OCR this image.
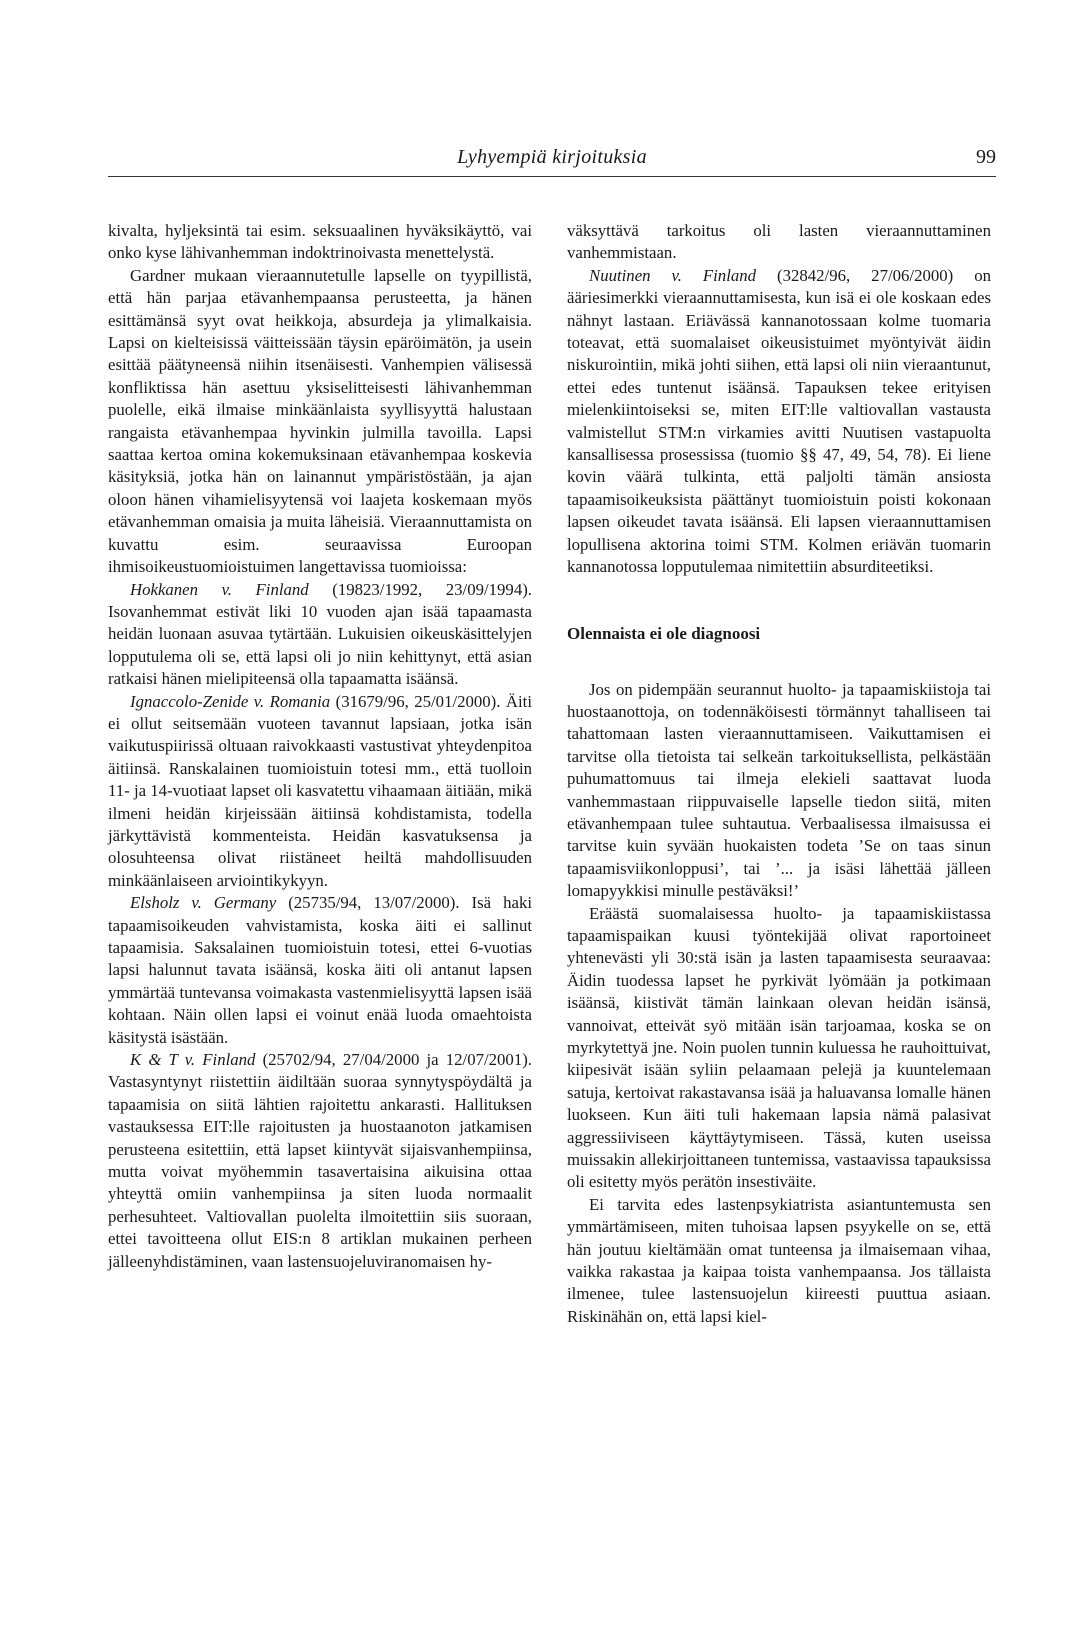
Lyhyempiä kirjoituksia	99

kivalta, hyljeksintä tai esim. seksuaalinen hyväksikäyttö, vai onko kyse lähivanhemman indoktrinoivasta menettelystä.

Gardner mukaan vieraannutetulle lapselle on tyypillistä, että hän parjaa etävanhempaansa perusteetta, ja hänen esittämänsä syyt ovat heikkoja, absurdeja ja ylimalkaisia. Lapsi on kielteisissä väitteissään täysin epäröimätön, ja usein esittää päätyneensä niihin itsenäisesti. Vanhempien välisessä konfliktissa hän asettuu yksiselitteisesti lähivanhemman puolelle, eikä ilmaise minkäänlaista syyllisyyttä halustaan rangaista etävanhempaa hyvinkin julmilla tavoilla. Lapsi saattaa kertoa omina kokemuksinaan etävanhempaa koskevia käsityksiä, jotka hän on lainannut ympäristöstään, ja ajan oloon hänen vihamielisyytensä voi laajeta koskemaan myös etävanhemman omaisia ja muita läheisiä. Vieraannuttamista on kuvattu esim. seuraavissa Euroopan ihmisoikeustuomioistuimen langettavissa tuomioissa:

Hokkanen v. Finland (19823/1992, 23/09/1994). Isovanhemmat estivät liki 10 vuoden ajan isää tapaamasta heidän luonaan asuvaa tytärtään. Lukuisien oikeuskäsittelyjen lopputulema oli se, että lapsi oli jo niin kehittynyt, että asian ratkaisi hänen mielipiteensä olla tapaamatta isäänsä.

Ignaccolo-Zenide v. Romania (31679/96, 25/01/2000). Äiti ei ollut seitsemään vuoteen tavannut lapsiaan, jotka isän vaikutuspiirissä oltuaan raivokkaasti vastustivat yhteydenpitoa äitiinsä. Ranskalainen tuomioistuin totesi mm., että tuolloin 11- ja 14-vuotiaat lapset oli kasvatettu vihaamaan äitiään, mikä ilmeni heidän kirjeissään äitiinsä kohdistamista, todella järkyttävistä kommenteista. Heidän kasvatuksensa ja olosuhteensa olivat riistäneet heiltä mahdollisuuden minkäänlaiseen arviointikykyyn.

Elsholz v. Germany (25735/94, 13/07/2000). Isä haki tapaamisoikeuden vahvistamista, koska äiti ei sallinut tapaamisia. Saksalainen tuomioistuin totesi, ettei 6-vuotias lapsi halunnut tavata isäänsä, koska äiti oli antanut lapsen ymmärtää tuntevansa voimakasta vastenmielisyyttä lapsen isää kohtaan. Näin ollen lapsi ei voinut enää luoda omaehtoista käsitystä isästään.

K & T v. Finland (25702/94, 27/04/2000 ja 12/07/2001). Vastasyntynyt riistettiin äidiltään suoraa synnytyspöydältä ja tapaamisia on siitä lähtien rajoitettu ankarasti. Hallituksen vastauksessa EIT:lle rajoitusten ja huostaanoton jatkamisen perusteena esitettiin, että lapset kiintyvät sijaisvanhempiinsa, mutta voivat myöhemmin tasavertaisina aikuisina ottaa yhteyttä omiin vanhempiinsa ja siten luoda normaalit perhesuhteet. Valtiovallan puolelta ilmoitettiin siis suoraan, ettei tavoitteena ollut EIS:n 8 artiklan mukainen perheen jälleenyhdistäminen, vaan lastensuojeluviranomaisen hy-

väksyttävä tarkoitus oli lasten vieraannuttaminen vanhemmistaan.

Nuutinen v. Finland (32842/96, 27/06/2000) on ääriesimerkki vieraannuttamisesta, kun isä ei ole koskaan edes nähnyt lastaan. Eriävässä kannanotossaan kolme tuomaria toteavat, että suomalaiset oikeusistuimet myöntyivät äidin niskurointiin, mikä johti siihen, että lapsi oli niin vieraantunut, ettei edes tuntenut isäänsä. Tapauksen tekee erityisen mielenkiintoiseksi se, miten EIT:lle valtiovallan vastausta valmistellut STM:n virkamies avitti Nuutisen vastapuolta kansallisessa prosessissa (tuomio §§ 47, 49, 54, 78). Ei liene kovin väärä tulkinta, että paljolti tämän ansiosta tapaamisoikeuksista päättänyt tuomioistuin poisti kokonaan lapsen oikeudet tavata isäänsä. Eli lapsen vieraannuttamisen lopullisena aktorina toimi STM. Kolmen eriävän tuomarin kannanotossa lopputulemaa nimitettiin absurditeetiksi.

Olennaista ei ole diagnoosi

Jos on pidempään seurannut huolto- ja tapaamiskiistoja tai huostaanottoja, on todennäköisesti törmännyt tahalliseen tai tahattomaan lasten vieraannuttamiseen. Vaikuttamisen ei tarvitse olla tietoista tai selkeän tarkoituksellista, pelkästään puhumattomuus tai ilmeja elekieli saattavat luoda vanhemmastaan riippuvaiselle lapselle tiedon siitä, miten etävanhempaan tulee suhtautua. Verbaalisessa ilmaisussa ei tarvitse kuin syvään huokaisten todeta ’Se on taas sinun tapaamisviikonloppusi’, tai ’... ja isäsi lähettää jälleen lomapyykkisi minulle pestäväksi!’

Eräästä suomalaisessa huolto- ja tapaamiskiistassa tapaamispaikan kuusi työntekijää olivat raportoineet yhtenevästi yli 30:stä isän ja lasten tapaamisesta seuraavaa: Äidin tuodessa lapset he pyrkivät lyömään ja potkimaan isäänsä, kiistivät tämän lainkaan olevan heidän isänsä, vannoivat, etteivät syö mitään isän tarjoamaa, koska se on myrkytettyä jne. Noin puolen tunnin kuluessa he rauhoittuivat, kiipesivät isään syliin pelaamaan pelejä ja kuuntelemaan satuja, kertoivat rakastavansa isää ja haluavansa lomalle hänen luokseen. Kun äiti tuli hakemaan lapsia nämä palasivat aggressiiviseen käyttäytymiseen. Tässä, kuten useissa muissakin allekirjoittaneen tuntemissa, vastaavissa tapauksissa oli esitetty myös perätön insestiväite.

Ei tarvita edes lastenpsykiatrista asiantuntemusta sen ymmärtämiseen, miten tuhoisaa lapsen psyykelle on se, että hän joutuu kieltämään omat tunteensa ja ilmaisemaan vihaa, vaikka rakastaa ja kaipaa toista vanhempaansa. Jos tällaista ilmenee, tulee lastensuojelun kiireesti puuttua asiaan. Riskinähän on, että lapsi kiel-
